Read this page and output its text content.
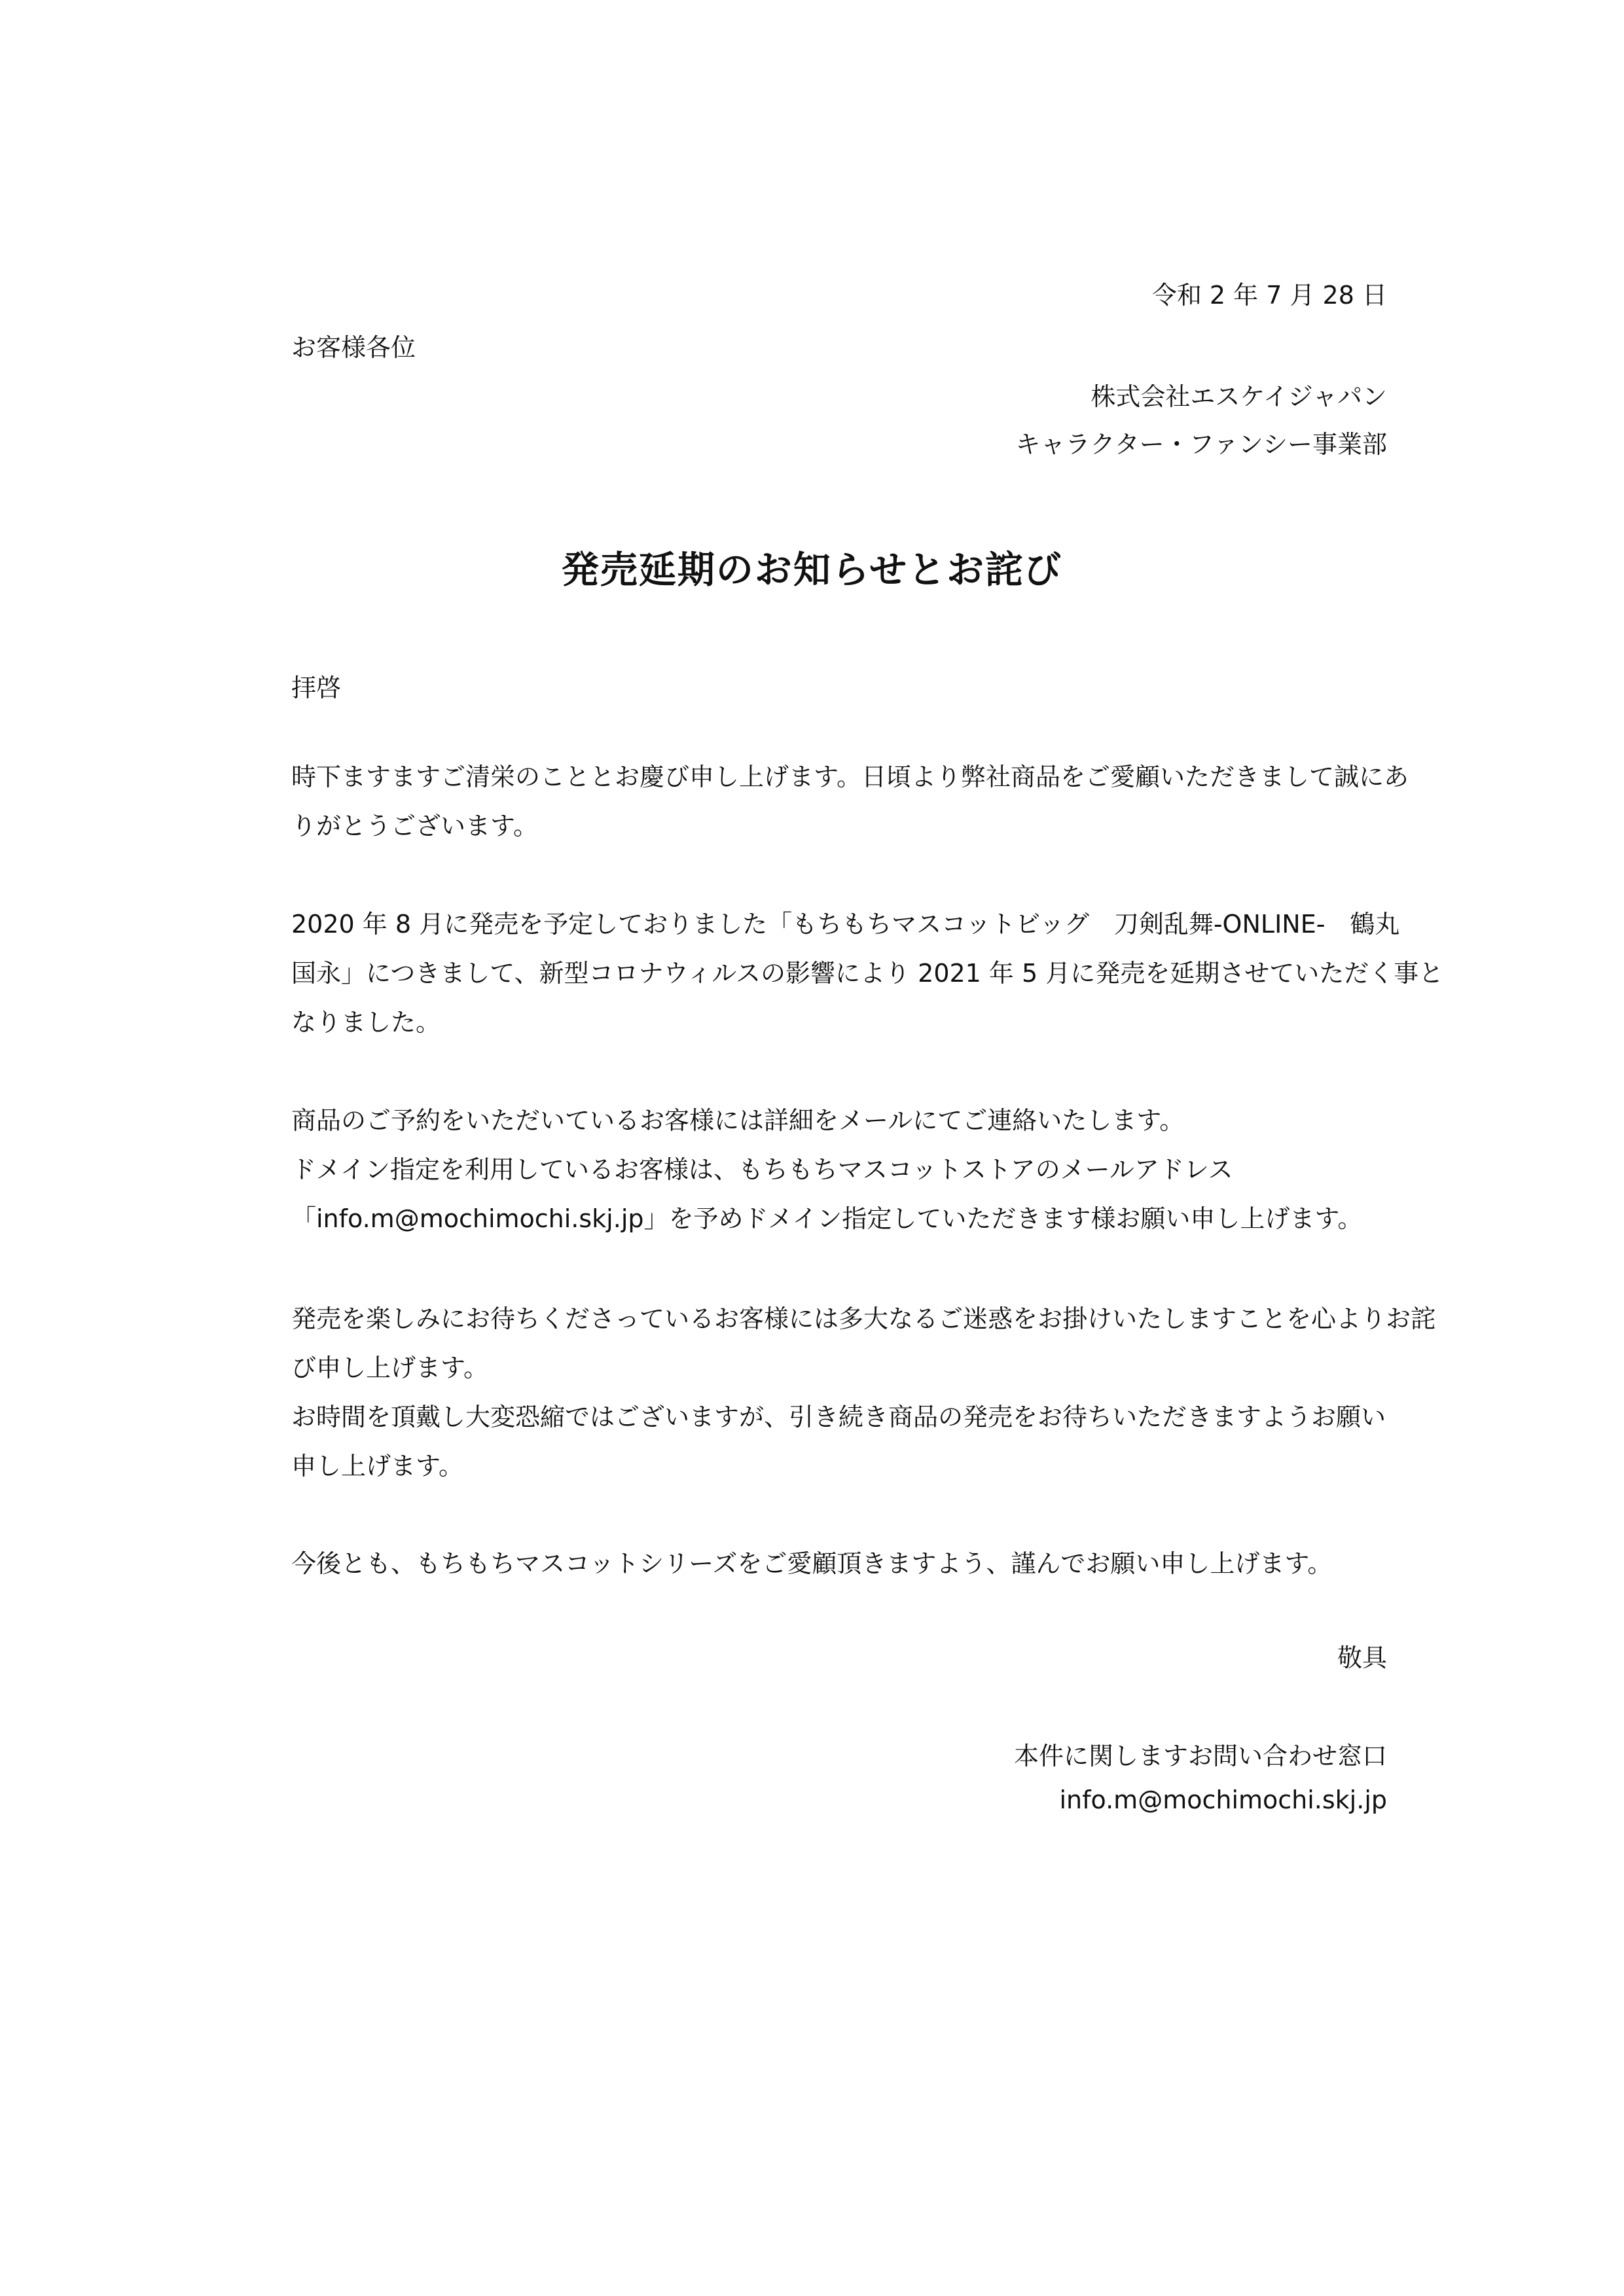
令和 2 年 7 月 28 日
お客様各位
株式会社エスケイジャパン
キャラクター・ファンシー事業部
発売延期のお知らせとお詫び
拝啓
時下ますますご清栄のこととお慶び申し上げます。日頃より弊社商品をご愛顧いただきまして誠にあ
りがとうございます。
2020 年 8 月に発売を予定しておりました「もちもちマスコットビッグ　刀剣乱舞-ONLINE-　鶴丸
国永」につきまして、新型コロナウィルスの影響により 2021 年 5 月に発売を延期させていただく事と
なりました。
商品のご予約をいただいているお客様には詳細をメールにてご連絡いたします。
ドメイン指定を利用しているお客様は、もちもちマスコットストアのメールアドレス
「info.m@mochimochi.skj.jp」を予めドメイン指定していただきます様お願い申し上げます。
発売を楽しみにお待ちくださっているお客様には多大なるご迷惑をお掛けいたしますことを心よりお詫
び申し上げます。
お時間を頂戴し大変恐縮ではございますが、引き続き商品の発売をお待ちいただきますようお願い
申し上げます。
今後とも、もちもちマスコットシリーズをご愛顧頂きますよう、謹んでお願い申し上げます。
敬具
本件に関しますお問い合わせ窓口
info.m@mochimochi.skj.jp
